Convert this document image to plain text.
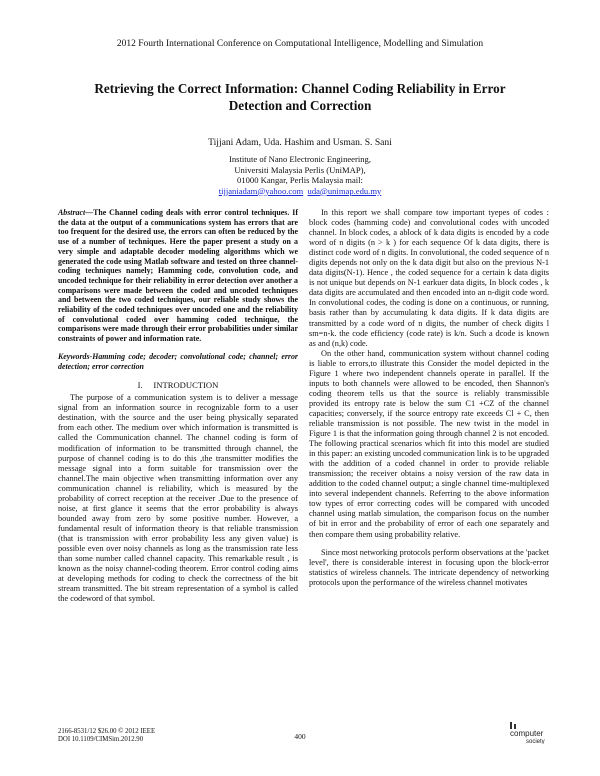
2012 Fourth International Conference on Computational Intelligence, Modelling and Simulation
Retrieving the Correct Information: Channel Coding Reliability in Error Detection and Correction
Tijjani Adam, Uda. Hashim and Usman. S. Sani
Institute of Nano Electronic Engineering,
Universiti Malaysia Perlis (UniMAP),
01000 Kangar, Perlis Malaysia mail:
tijjaniadam@yahoo.com uda@unimap.edu.my
Abstract—The Channel coding deals with error control techniques. If the data at the output of a communications system has errors that are too frequent for the desired use, the errors can often be reduced by the use of a number of techniques. Here the paper present a study on a very simple and adaptable decoder modeling algorithms which we generated the code using Matlab software and tested on three channel-coding techniques namely; Hamming code, convolution code, and uncoded technique for their reliability in error detection over another a comparisons were made between the coded and uncoded techniques and between the two coded techniques, our reliable study shows the reliability of the coded techniques over uncoded one and the reliability of convolutional coded over hamming coded technique, the comparisons were made through their error probabilities under similar constraints of power and information rate.
Keywords-Hamming code; decoder; convolutional code; channel; error detection; error correction
I. INTRODUCTION

The purpose of a communication system is to deliver a message signal from an information source in recognizable form to a user destination, with the source and the user being physically separated from each other. The medium over which information is transmitted is called the Communication channel. The channel coding is form of modification of information to be transmitted through channel, the purpose of channel coding is to do this ,the transmitter modifies the message signal into a form suitable for transmission over the channel.The main objective when transmitting information over any communication channel is reliability, which is measured by the probability of correct reception at the receiver .Due to the presence of noise, at first glance it seems that the error probability is always bounded away from zero by some positive number. However, a fundamental result of information theory is that reliable transmission (that is transmission with error probability less any given value) is possible even over noisy channels as long as the transmission rate less than some number called channel capacity. This remarkable result , is known as the noisy channel-coding theorem. Error control coding aims at developing methods for coding to check the correctness of the bit stream transmitted. The bit stream representation of a symbol is called the codeword of that symbol.

In this report we shall compare tow important tyepes of codes : block codes (hamming code) and convolutional codes with uncoded channel. In block codes, a ablock of k data digits is encoded by a code word of n digits (n > k ) for each sequence Of k data digits, there is distinct code word of n digits. In convolutional, the coded sequence of n digits depends not only on the k data digit but also on the previous N-1 data digits(N-1). Hence , the coded sequence for a certain k data digits is not unique but depends on N-1 earkuer data digits, In block codes , k data digits are accumulated and then encoded into an n-digit code word. In convolutional codes, the coding is done on a continuous, or running, basis rather than by accumulating k data digits. If k data digits are transmitted by a code word of n digits, the number of check digits l sm=n-k. the code efficiency (code rate) is k/n. Such a dcode is known as and (n,k) code.

On the other hand, communication system without channel coding is liable to errors,to illustrate this Consider the model depicted in the Figure 1 where two independent channels operate in parallel. If the inputs to both channels were allowed to be encoded, then Shannon's coding theorem tells us that the source is reliably transmissible provided its entropy rate is below the sum C1 +CZ of the channel capacities; conversely, if the source entropy rate exceeds Cl + C, then reliable transmission is not possible. The new twist in the model in Figure 1 is that the information going through channel 2 is not encoded. The following practical scenarios which fit into this model are studied in this paper: an existing uncoded communication link is to be upgraded with the addition of a coded channel in order to provide reliable transmission; the receiver obtains a noisy version of the raw data in addition to the coded channel output; a single channel time-multiplexed into several independent channels. Referring to the above information tow types of error correcting codes will be compared with uncoded channel using matlab simulation, the comparison focus on the number of bit in error and the probability of error of each one separately and then compare them using probability relative.

Since most networking protocols perform observations at the 'packet level', there is considerable interest in focusing upon the block-error statistics of wireless channels. The intricate dependency of networking protocols upon the performance of the wireless channel motivates

2166-8531/12 $26.00 © 2012 IEEE
DOI 10.1109/CIMSim.2012.90	400	computer
society
